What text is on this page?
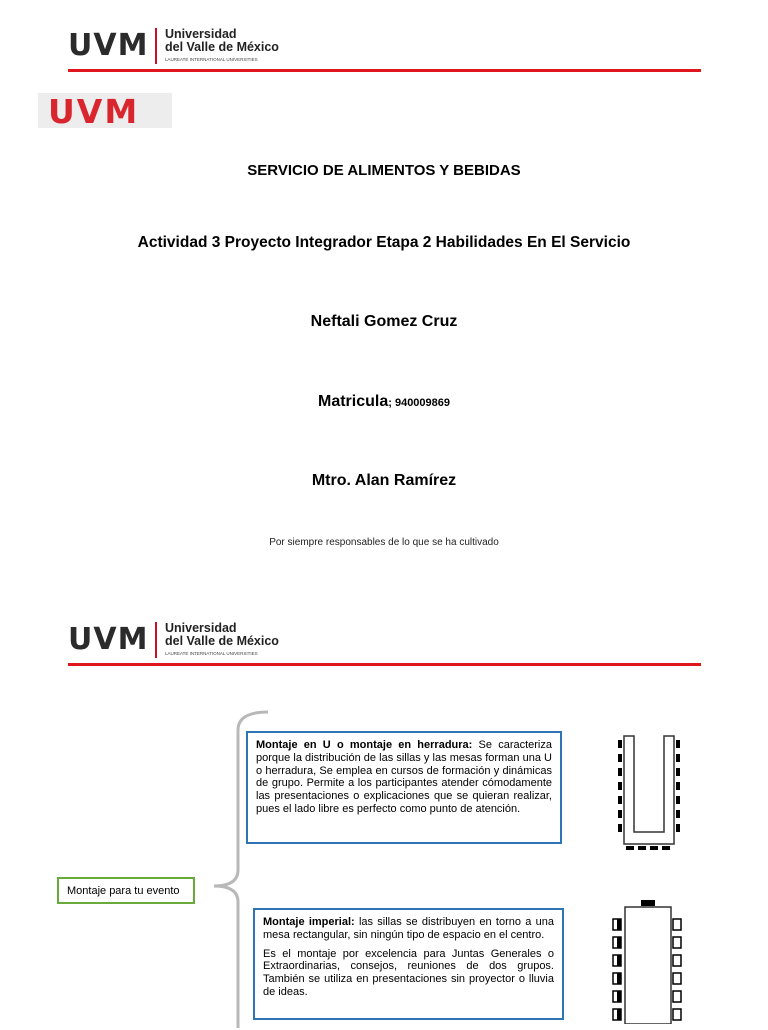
UVM Universidad
del Valle de México
LAUREATE INTERNATIONAL UNIVERSITIES
UVM
SERVICIO DE ALIMENTOS Y BEBIDAS
Actividad 3 Proyecto Integrador Etapa 2 Habilidades En El Servicio
Neftali Gomez Cruz
Matricula; 940009869
Mtro. Alan Ramírez
Por siempre responsables de lo que se ha cultivado
UVM Universidad
del Valle de México
LAUREATE INTERNATIONAL UNIVERSITIES
Montaje para tu evento
Montaje en U o montaje en herradura: Se caracteriza porque la distribución de las sillas y las mesas forman una U o herradura, Se emplea en cursos de formación y dinámicas de grupo. Permite a los participantes atender cómodamente las presentaciones o explicaciones que se quieran realizar, pues el lado libre es perfecto como punto de atención.

Montaje imperial: las sillas se distribuyen en torno a una mesa rectangular, sin ningún tipo de espacio en el centro.

Es el montaje por excelencia para Juntas Generales o Extraordinarias, consejos, reuniones de dos grupos. También se utiliza en presentaciones sin proyector o lluvia de ideas.
